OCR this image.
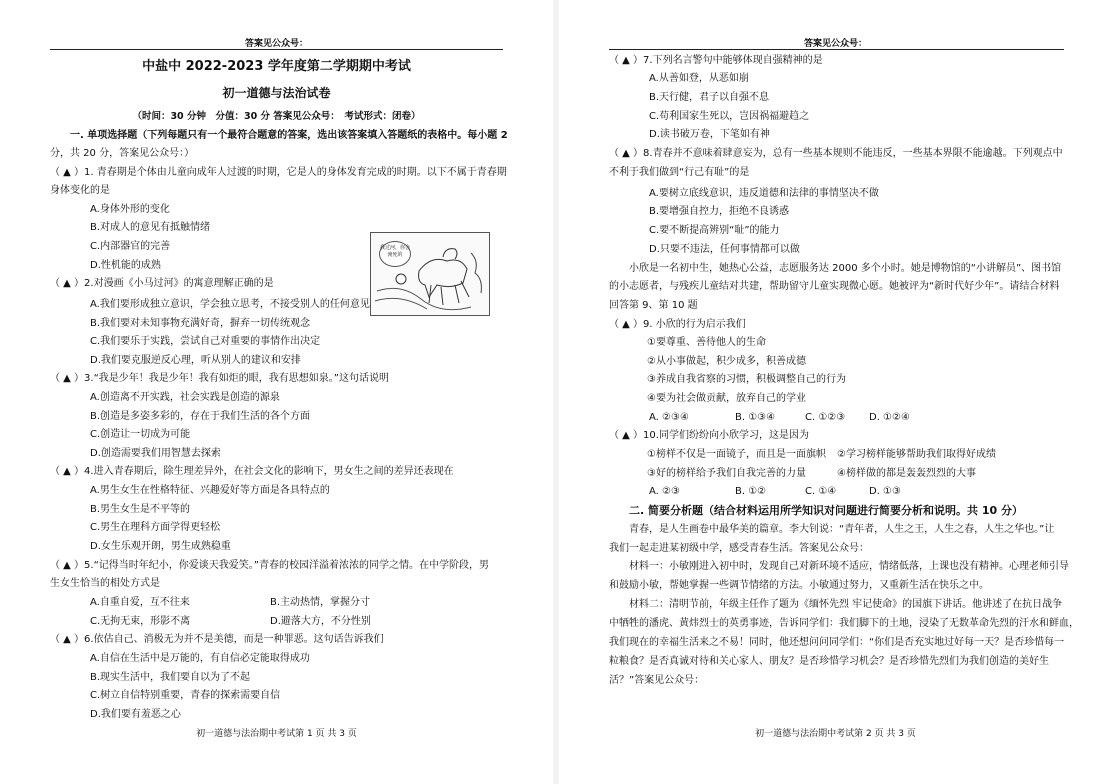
答案见公众号：
中盐中 2022-2023 学年度第二学期期中考试
初一道德与法治试卷
（时间：30 分钟　分值：30 分 答案见公众号：　考试形式：闭卷）
一. 单项选择题（下列每题只有一个最符合题意的答案，选出该答案填入答题纸的表格中。每小题 2
分，共 20 分，答案见公众号：）
（ ▲ ）1. 青春期是个体由儿童向成年人过渡的时期，它是人的身体发育完成的时期。以下不属于青春期
身体变化的是
A.身体外形的变化
B.对成人的意见有抵触情绪
C.内部器官的完善
D.性机能的成熟
我过河，你会淹死的
（ ▲ ）2.对漫画《小马过河》的寓意理解正确的是
A.我们要形成独立意识，学会独立思考，不接受别人的任何意见
B.我们要对未知事物充满好奇，摒弃一切传统观念
C.我们要乐于实践，尝试自己对重要的事情作出决定
D.我们要克服逆反心理，听从别人的建议和安排
（ ▲ ）3.“我是少年！我是少年！我有如炬的眼，我有思想如泉。”这句话说明
A.创造离不开实践，社会实践是创造的源泉
B.创造是多姿多彩的，存在于我们生活的各个方面
C.创造让一切成为可能
D.创造需要我们用智慧去探索
（ ▲ ）4.进入青春期后，除生理差异外，在社会文化的影响下，男女生之间的差异还表现在
A.男生女生在性格特征、兴趣爱好等方面是各具特点的
B.男生女生是不平等的
C.男生在理科方面学得更轻松
D.女生乐观开朗，男生成熟稳重
（ ▲ ）5.“记得当时年纪小，你爱谈天我爱笑。”青春的校园洋溢着浓浓的同学之情。在中学阶段，男
生女生恰当的相处方式是
A.自重自爱，互不往来	B.主动热情，掌握分寸
C.无拘无束，形影不离	D.避落大方，不分性别
（ ▲ ）6.依估自己、消极无为并不是美德，而是一种罪恶。这句话告诉我们
A.自信在生活中是万能的，有自信必定能取得成功
B.现实生活中，我们要自以为了不起
C.树立自信特别重要，青春的探索需要自信
D.我们要有羞恶之心
初一道德与法治期中考试第 1 页 共 3 页
答案见公众号：
（ ▲ ）7.下列名言警句中能够体现自强精神的是
A.从善如登，从恶如崩
B.天行健，君子以自强不息
C.苟利国家生死以，岂因祸福避趋之
D.读书破万卷，下笔如有神
（ ▲ ）8.青春并不意味着肆意妄为，总有一些基本规则不能违反，一些基本界限不能逾越。下列观点中
不利于我们做到“行己有耻”的是
A.要树立底线意识，违反道德和法律的事情坚决不做
B.要增强自控力，拒绝不良诱惑
C.要不断提高辨别“耻”的能力
D.只要不违法，任何事情都可以做
小欣是一名初中生，她热心公益，志愿服务达 2000 多个小时。她是博物馆的“小讲解员”、图书馆
的小志愿者，与残疾儿童结对共建，帮助留守儿童实现微心愿。她被评为“新时代好少年”。请结合材料
回答第 9、第 10 题
（ ▲ ）9. 小欣的行为启示我们
①要尊重、善待他人的生命
②从小事做起，积少成多，积善成德
③养成自我省察的习惯，积极调整自己的行为
④要为社会做贡献，放弃自己的学业
A. ②③④	B. ①③④	C. ①②③ D. ①②④
（ ▲ ）10.同学们纷纷向小欣学习，这是因为
①榜样不仅是一面镜子，而且是一面旗帜 ②学习榜样能够帮助我们取得好成绩
③好的榜样给予我们自我完善的力量	④榜样做的都是轰轰烈烈的大事
A. ②③	B. ①②	C. ①④	D. ①③
二. 简要分析题（结合材料运用所学知识对问题进行简要分析和说明。共 10 分）
青春，是人生画卷中最华美的篇章。李大钊说：“青年者，人生之王，人生之春，人生之华也。”让
我们一起走进某初级中学，感受青春生活。答案见公众号：
材料一：小敏刚进入初中时，发现自己对新环境不适应，情绪低落，上课也没有精神。心理老师引导
和鼓励小敏，帮她掌握一些调节情绪的方法。小敏通过努力，又重新生活在快乐之中。
材料二：清明节前，年级主任作了题为《缅怀先烈 牢记使命》的国旗下讲话。他讲述了在抗日战争
中牺牲的潘虎、黄炜烈士的英勇事迹，告诉同学们：我们脚下的土地，浸染了无数革命先烈的汗水和鲜血，
我们现在的幸福生活来之不易！同时，他还想问问同学们：“你们是否充实地过好每一天？是否珍惜每一
粒粮食？是否真诚对待和关心家人、朋友？是否珍惜学习机会？是否珍惜先烈们为我们创造的美好生
活？”答案见公众号：
初一道德与法治期中考试第 2 页 共 3 页
